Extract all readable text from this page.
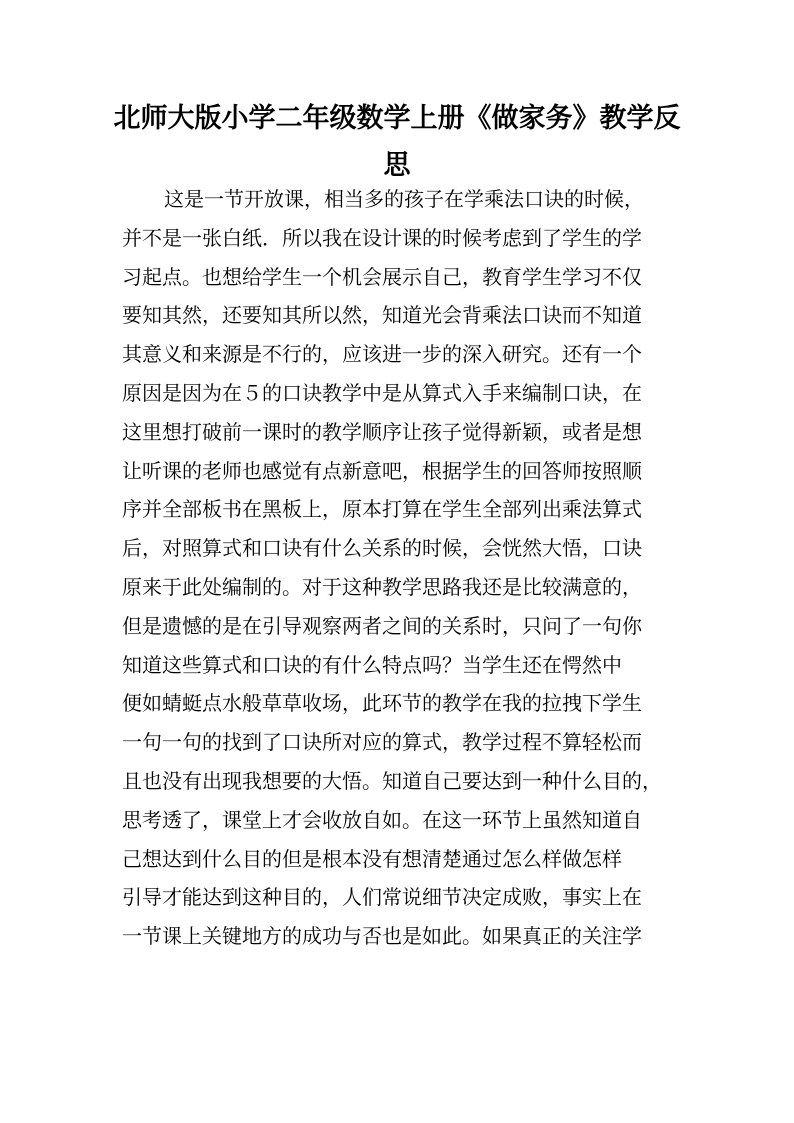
北师大版小学二年级数学上册《做家务》教学反
思
这是一节开放课，相当多的孩子在学乘法口诀的时候，
并不是一张白纸．所以我在设计课的时候考虑到了学生的学
习起点。也想给学生一个机会展示自己，教育学生学习不仅
要知其然，还要知其所以然，知道光会背乘法口诀而不知道
其意义和来源是不行的，应该进一步的深入研究。还有一个
原因是因为在５的口诀教学中是从算式入手来编制口诀，在
这里想打破前一课时的教学顺序让孩子觉得新颖，或者是想
让听课的老师也感觉有点新意吧，根据学生的回答师按照顺
序并全部板书在黑板上，原本打算在学生全部列出乘法算式
后，对照算式和口诀有什么关系的时候，会恍然大悟，口诀
原来于此处编制的。对于这种教学思路我还是比较满意的，
但是遗憾的是在引导观察两者之间的关系时，只问了一句你
知道这些算式和口诀的有什么特点吗？当学生还在愕然中
便如蜻蜓点水般草草收场，此环节的教学在我的拉拽下学生
一句一句的找到了口诀所对应的算式，教学过程不算轻松而
且也没有出现我想要的大悟。知道自己要达到一种什么目的，
思考透了，课堂上才会收放自如。在这一环节上虽然知道自
己想达到什么目的但是根本没有想清楚通过怎么样做怎样
引导才能达到这种目的，人们常说细节决定成败，事实上在
一节课上关键地方的成功与否也是如此。如果真正的关注学
